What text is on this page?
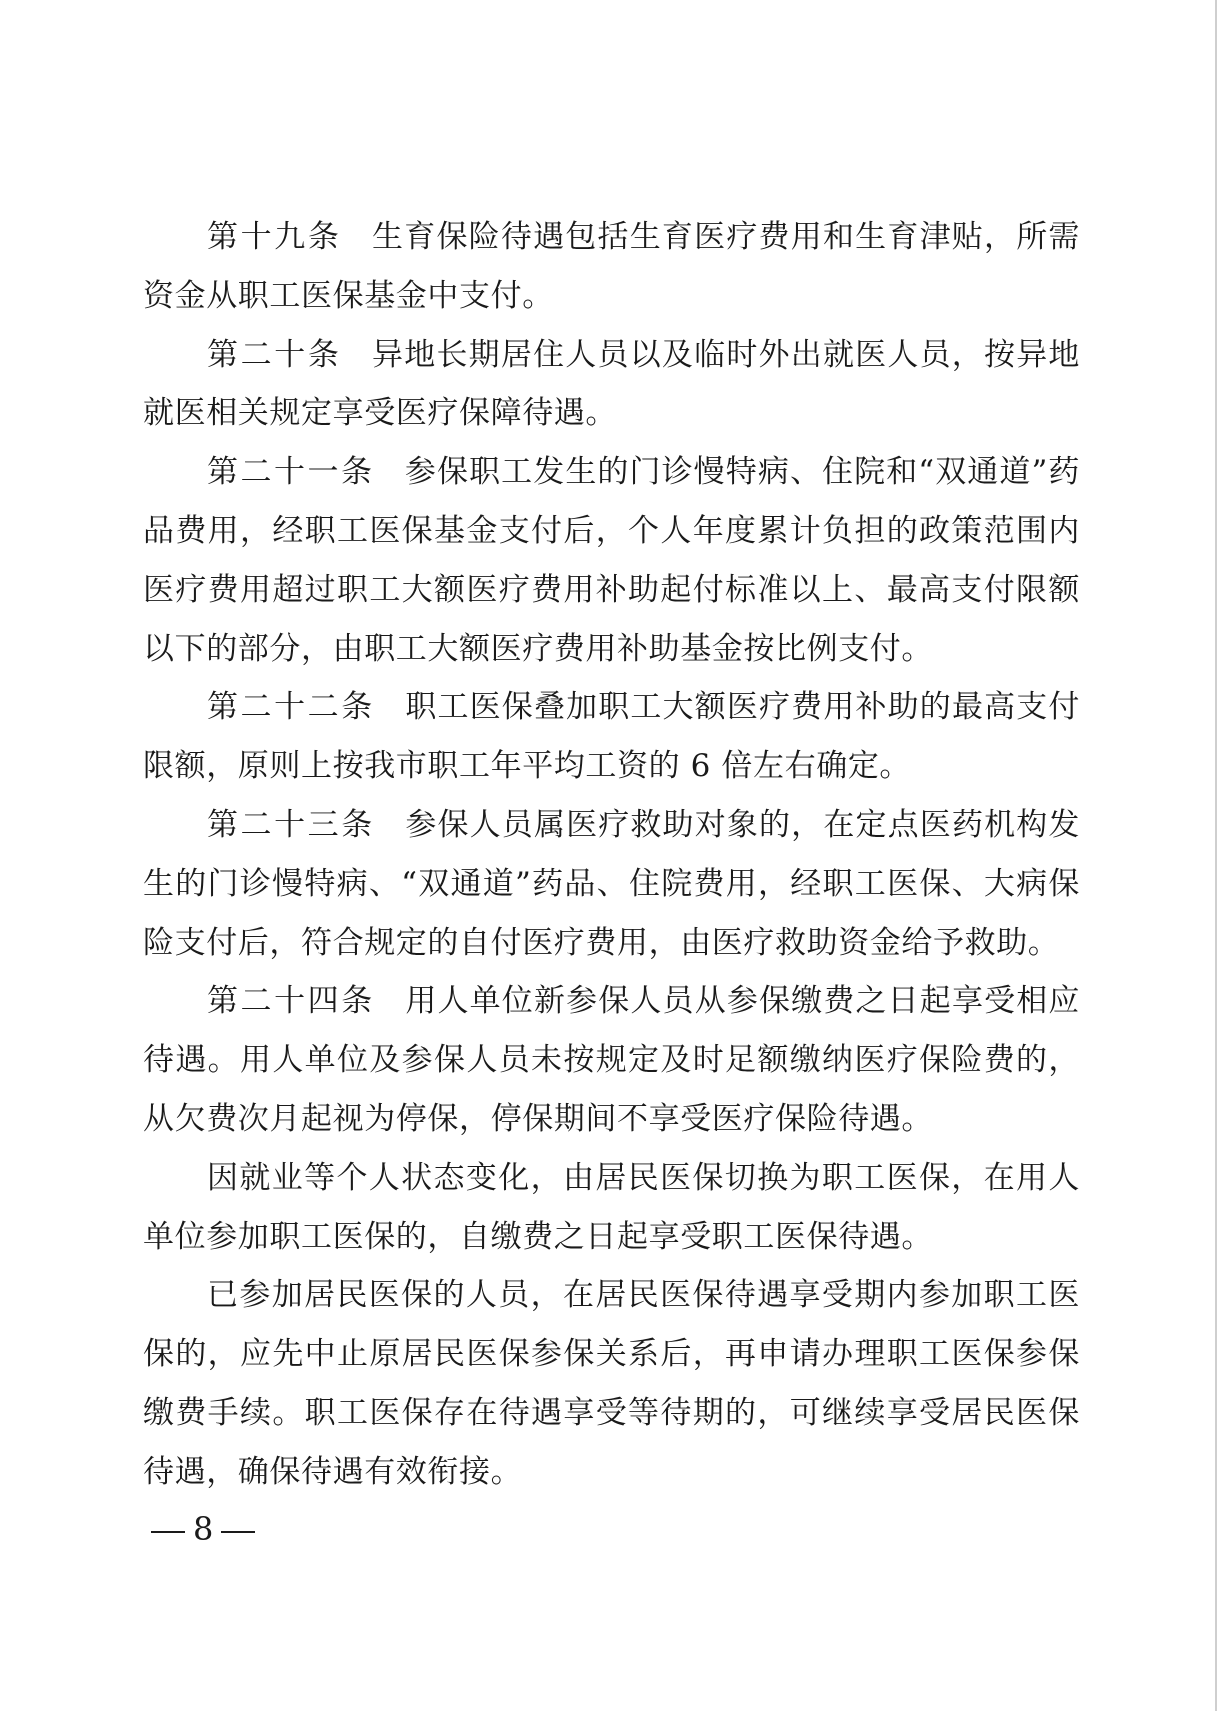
第十九条 生育保险待遇包括生育医疗费用和生育津贴，所需资金从职工医保基金中支付。

第二十条 异地长期居住人员以及临时外出就医人员，按异地就医相关规定享受医疗保障待遇。

第二十一条 参保职工发生的门诊慢特病、住院和“双通道”药品费用，经职工医保基金支付后，个人年度累计负担的政策范围内医疗费用超过职工大额医疗费用补助起付标准以上、最高支付限额以下的部分，由职工大额医疗费用补助基金按比例支付。

第二十二条 职工医保叠加职工大额医疗费用补助的最高支付限额，原则上按我市职工年平均工资的 6 倍左右确定。

第二十三条 参保人员属医疗救助对象的，在定点医药机构发生的门诊慢特病、“双通道”药品、住院费用，经职工医保、大病保险支付后，符合规定的自付医疗费用，由医疗救助资金给予救助。

第二十四条 用人单位新参保人员从参保缴费之日起享受相应待遇。用人单位及参保人员未按规定及时足额缴纳医疗保险费的，从欠费次月起视为停保，停保期间不享受医疗保险待遇。

因就业等个人状态变化，由居民医保切换为职工医保，在用人单位参加职工医保的，自缴费之日起享受职工医保待遇。

已参加居民医保的人员，在居民医保待遇享受期内参加职工医保的，应先中止原居民医保参保关系后，再申请办理职工医保参保缴费手续。职工医保存在待遇享受等待期的，可继续享受居民医保待遇，确保待遇有效衔接。

8
